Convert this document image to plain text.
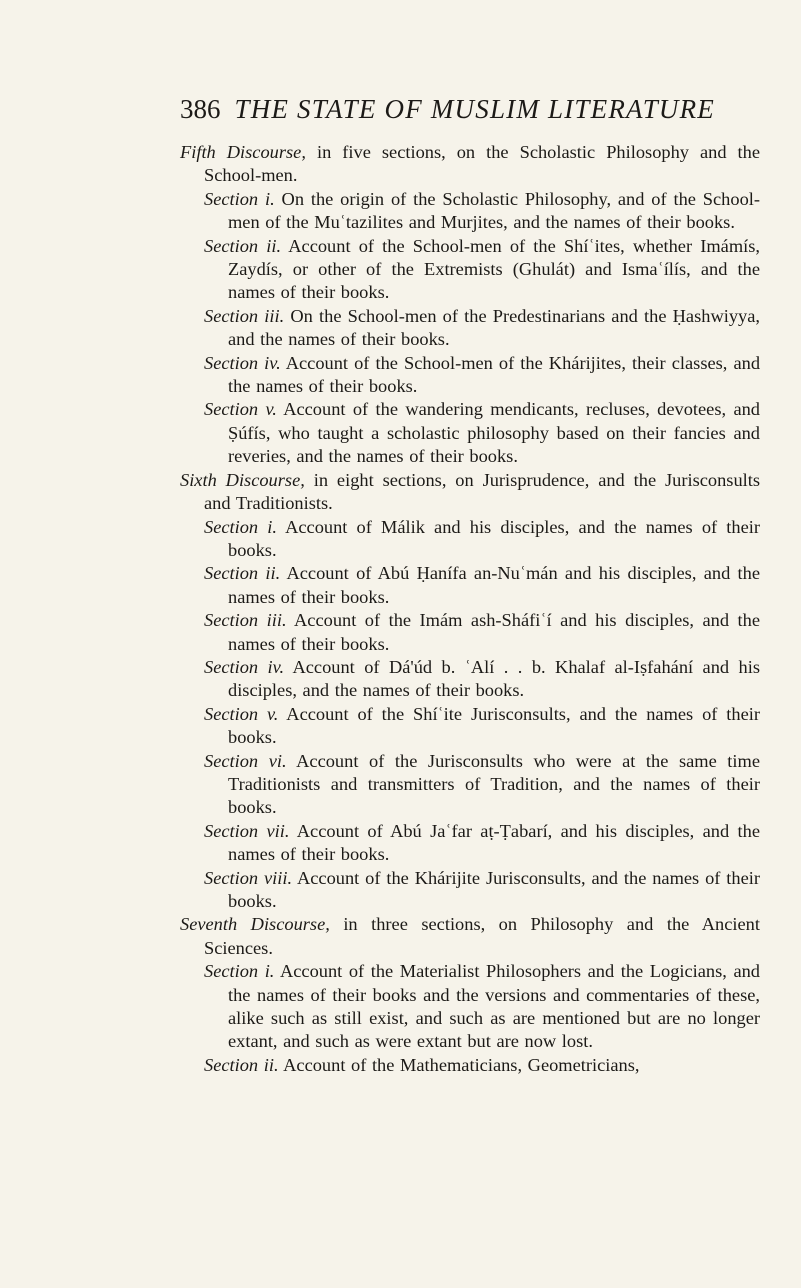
386 THE STATE OF MUSLIM LITERATURE

Fifth Discourse, in five sections, on the Scholastic Philosophy and the School-men.

Section i. On the origin of the Scholastic Philosophy, and of the School-men of the Muʿtazilites and Murjites, and the names of their books.

Section ii. Account of the School-men of the Shíʿites, whether Imámís, Zaydís, or other of the Extremists (Ghulát) and Ismaʿílís, and the names of their books.

Section iii. On the School-men of the Predestinarians and the Ḥashwiyya, and the names of their books.

Section iv. Account of the School-men of the Khárijites, their classes, and the names of their books.

Section v. Account of the wandering mendicants, recluses, devotees, and Ṣúfís, who taught a scholastic philosophy based on their fancies and reveries, and the names of their books.

Sixth Discourse, in eight sections, on Jurisprudence, and the Jurisconsults and Traditionists.

Section i. Account of Málik and his disciples, and the names of their books.

Section ii. Account of Abú Ḥanífa an-Nuʿmán and his disciples, and the names of their books.

Section iii. Account of the Imám ash-Sháfiʿí and his disciples, and the names of their books.

Section iv. Account of Dá'úd b. ʿAlí . . b. Khalaf al-Iṣfahání and his disciples, and the names of their books.

Section v. Account of the Shíʿite Jurisconsults, and the names of their books.

Section vi. Account of the Jurisconsults who were at the same time Traditionists and transmitters of Tradition, and the names of their books.

Section vii. Account of Abú Jaʿfar aṭ-Ṭabarí, and his disciples, and the names of their books.

Section viii. Account of the Khárijite Jurisconsults, and the names of their books.

Seventh Discourse, in three sections, on Philosophy and the Ancient Sciences.

Section i. Account of the Materialist Philosophers and the Logicians, and the names of their books and the versions and commentaries of these, alike such as still exist, and such as are mentioned but are no longer extant, and such as were extant but are now lost.

Section ii. Account of the Mathematicians, Geometricians,
